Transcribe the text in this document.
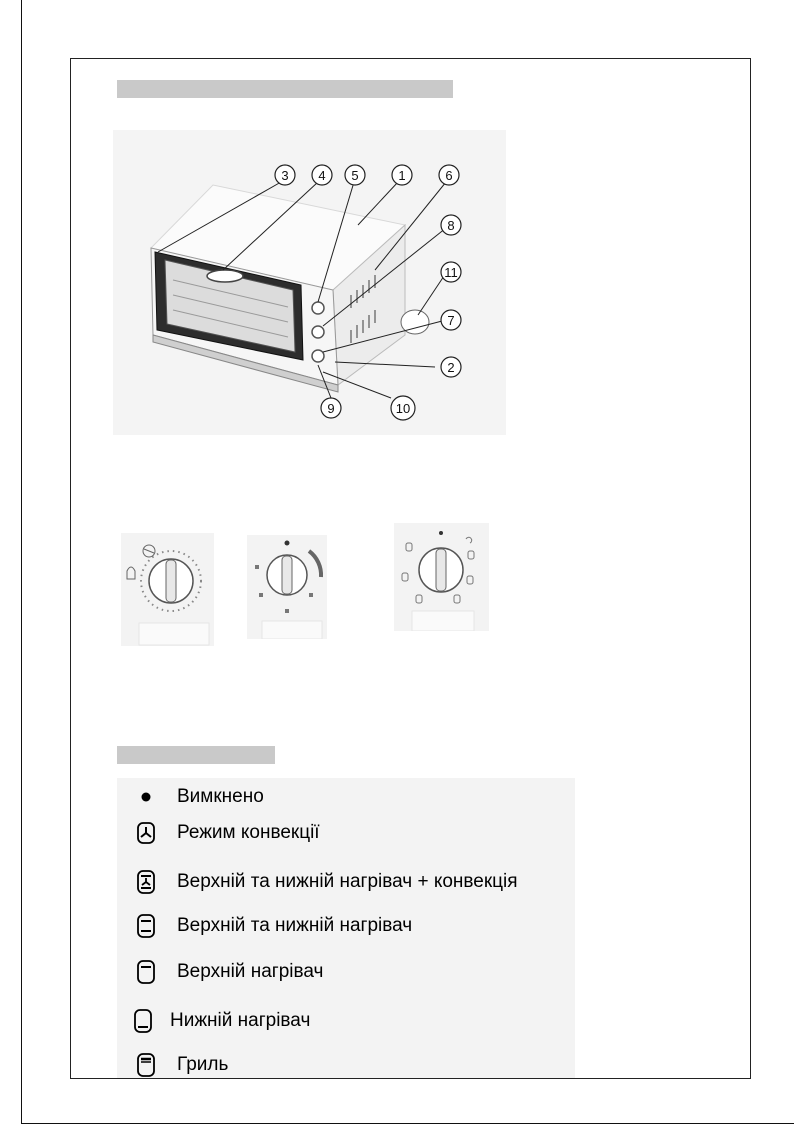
3 4 5	1	6
8
11
7
2
9	10
Вимкнено
Режим конвекції
Верхній та нижній нагрівач + конвекція
Верхній та нижній нагрівач
Верхній нагрівач
Нижній нагрівач
Гриль
